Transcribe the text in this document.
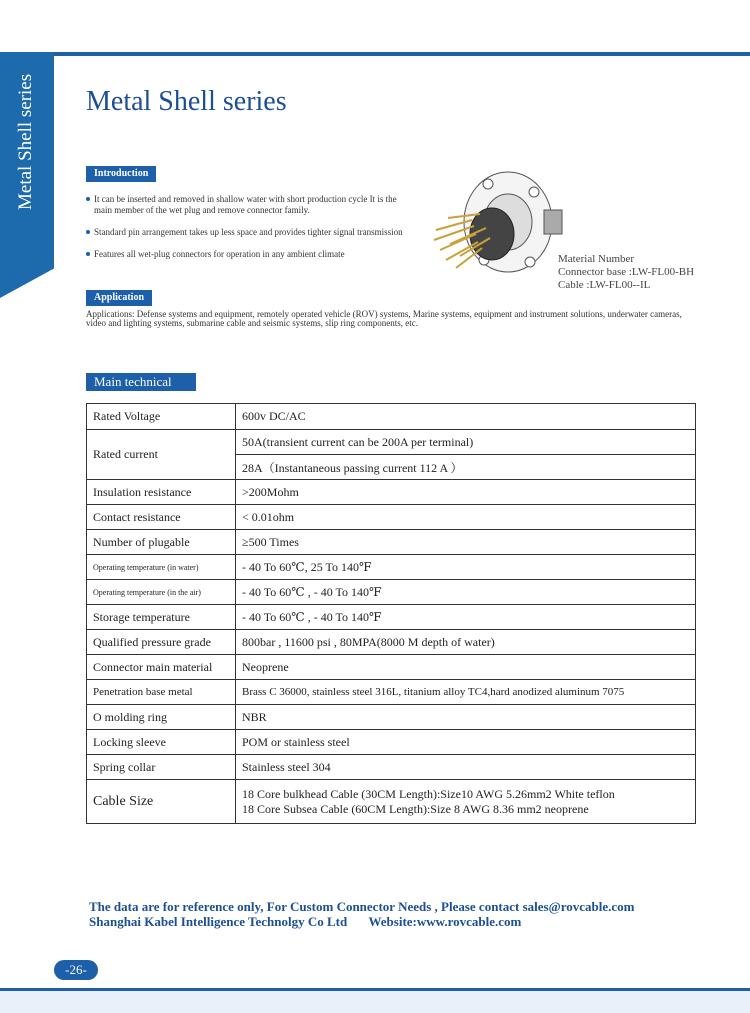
Metal Shell series Metal Shell series
Introduction
It can be inserted and removed in shallow water with short production cycle It is the main member of the wet plug and remove connector family.
Standard pin arrangement takes up less space and provides tighter signal transmission
Features all wet-plug connectors for operation in any ambient climate	Material Number
Connector base :LW-FL00-BH
Cable :LW-FL00--IL
Application
Applications: Defense systems and equipment, remotely operated vehicle (ROV) systems, Marine systems, equipment and instrument solutions, underwater cameras, video and lighting systems, submarine cable and seismic systems, slip ring components, etc.
Main technical
Rated Voltage	600v DC/AC
Rated current	50A(transient current can be 200A per terminal)
	28A（Instantaneous passing current 112 A ）
Insulation resistance	>200Mohm
Contact resistance	< 0.01ohm
Number of plugable	≥500 Times
Operating temperature (in water)	- 40 To 60℃, 25 To 140℉
Operating temperature (in the air)	- 40 To 60℃ , - 40 To 140℉
Storage temperature	- 40 To 60℃ , - 40 To 140℉
Qualified pressure grade	800bar , 11600 psi , 80MPA(8000 M depth of water)
Connector main material	Neoprene
Penetration base metal	Brass C 36000, stainless steel 316L, titanium alloy TC4,hard anodized aluminum 7075
O molding ring	NBR
Locking sleeve	POM or stainless steel
Spring collar	Stainless steel 304
Cable Size	18 Core bulkhead Cable (30CM Length):Size10 AWG 5.26mm2 White teflon
18 Core Subsea Cable (60CM Length):Size 8 AWG 8.36 mm2 neoprene
The data are for reference only, For Custom Connector Needs , Please contact sales@rovcable.com
Shanghai Kabel Intelligence Technolgy Co Ltd Website:www.rovcable.com
-26-
